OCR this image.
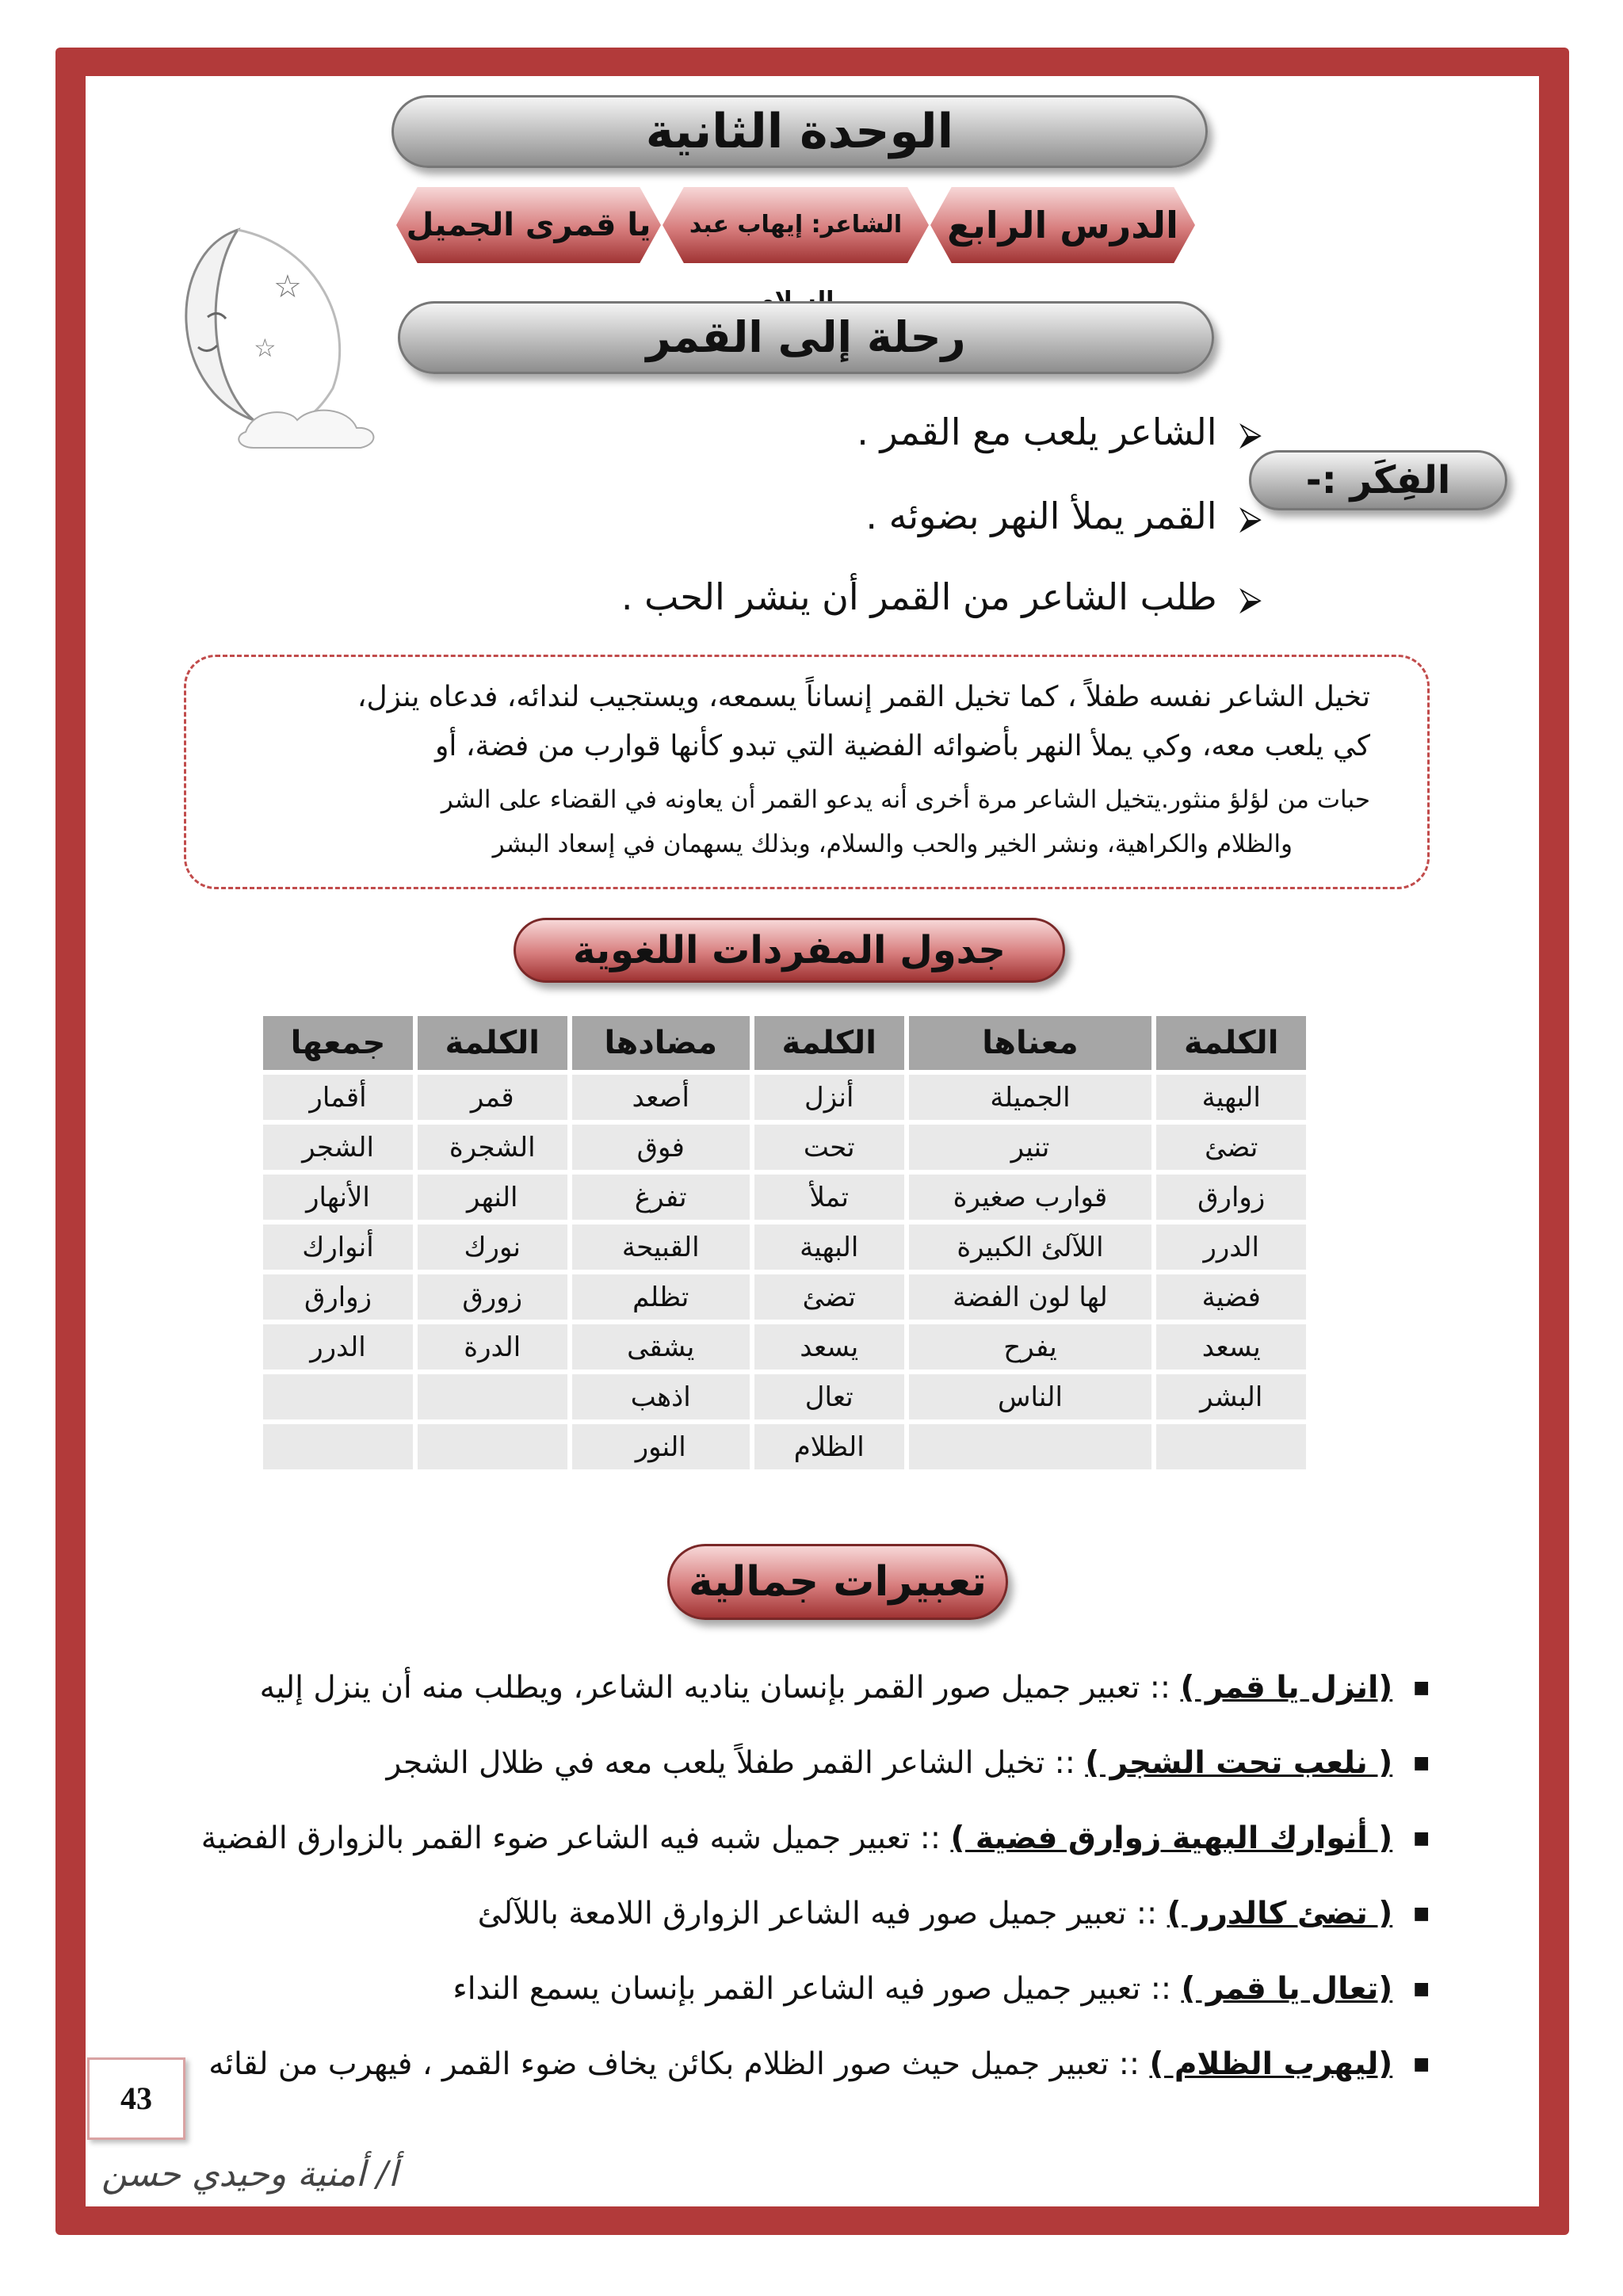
الوحدة الثانية
الدرس الرابع
الشاعر: إيهاب عبد
يا قمرى الجميل
رحلة إلى القمر
☆
☆
الفِكَر :-
⮚الشاعر يلعب مع القمر .
⮚القمر يملأ النهر بضوئه .
⮚طلب الشاعر من القمر أن ينشر الحب .
تخيل الشاعر نفسه طفلاً ، كما تخيل القمر إنساناً يسمعه، ويستجيب لندائه، فدعاه ينزل،
كي يلعب معه، وكي يملأ النهر بأضوائه الفضية التي تبدو كأنها قوارب من فضة، أو
حبات من لؤلؤ منثور.يتخيل الشاعر مرة أخرى أنه يدعو القمر أن يعاونه في القضاء على الشر
والظلام والكراهية، ونشر الخير والحب والسلام، وبذلك يسهمان في إسعاد البشر
جدول المفردات اللغوية
الكلمة	معناها	الكلمة	مضادها	الكلمة	جمعها
البهية	الجميلة	أنزل	أصعد	قمر	أقمار
تضئ	تنير	تحت	فوق	الشجرة	الشجر
زوارق	قوارب صغيرة	تملأ	تفرغ	النهر	الأنهار
الدرر	اللآلئ الكبيرة	البهية	القبيحة	نورك	أنوارك
فضية	لها لون الفضة	تضئ	تظلم	زورق	زوارق
يسعد	يفرح	يسعد	يشقى	الدرة	الدرر
البشر	الناس	تعال	اذهب		
		الظلام	النور		
تعبيرات جمالية
■
(انزل يا قمر )
::
تعبير جميل صور القمر بإنسان يناديه الشاعر، ويطلب منه أن ينزل إليه
■
( نلعب تحت الشجر )
::
تخيل الشاعر القمر طفلاً يلعب معه في ظلال الشجر
■
( أنوارك البهية زوارق فضية )
::
تعبير جميل شبه فيه الشاعر ضوء القمر بالزوارق الفضية
■
( تضئ كالدرر )
::
تعبير جميل صور فيه الشاعر الزوارق اللامعة باللآلئ
■
(تعال يا قمر )
::
تعبير جميل صور فيه الشاعر القمر بإنسان يسمع النداء
■
(ليهرب الظلام )
::
تعبير جميل حيث صور الظلام بكائن يخاف ضوء القمر ، فيهرب من لقائه
43
أ/ أمنية وحيدي حسن
